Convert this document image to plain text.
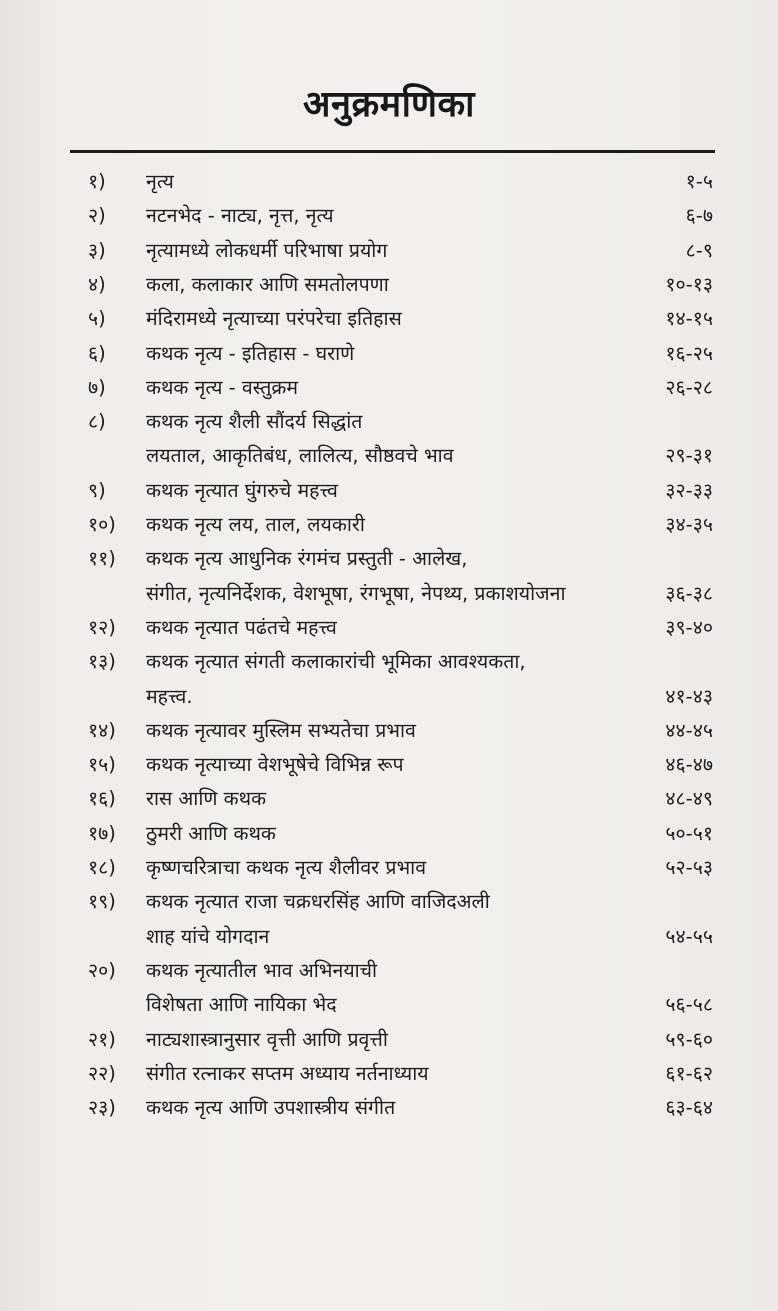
अनुक्रमणिका
१) नृत्य	१-५
२) नटनभेद - नाट्य, नृत्त, नृत्य	६-७
३) नृत्यामध्ये लोकधर्मी परिभाषा प्रयोग	८-९
४) कला, कलाकार आणि समतोलपणा	१०-१३
५) मंदिरामध्ये नृत्याच्या परंपरेचा इतिहास	१४-१५
६) कथक नृत्य - इतिहास - घराणे	१६-२५
७) कथक नृत्य - वस्तुक्रम	२६-२८
८) कथक नृत्य शैली सौंदर्य सिद्धांत
लयताल, आकृतिबंध, लालित्य, सौष्ठवचे भाव	२९-३१
९) कथक नृत्यात घुंगरुचे महत्त्व	३२-३३
१०) कथक नृत्य लय, ताल, लयकारी	३४-३५
११) कथक नृत्य आधुनिक रंगमंच प्रस्तुती - आलेख,
संगीत, नृत्यनिर्देशक, वेशभूषा, रंगभूषा, नेपथ्य, प्रकाशयोजना	३६-३८
१२) कथक नृत्यात पढंतचे महत्त्व	३९-४०
१३) कथक नृत्यात संगती कलाकारांची भूमिका आवश्यकता,
महत्त्व.	४१-४३
१४) कथक नृत्यावर मुस्लिम सभ्यतेचा प्रभाव	४४-४५
१५) कथक नृत्याच्या वेशभूषेचे विभिन्न रूप	४६-४७
१६) रास आणि कथक	४८-४९
१७) ठुमरी आणि कथक	५०-५१
१८) कृष्णचरित्राचा कथक नृत्य शैलीवर प्रभाव	५२-५३
१९) कथक नृत्यात राजा चक्रधरसिंह आणि वाजिदअली
शाह यांचे योगदान	५४-५५
२०) कथक नृत्यातील भाव अभिनयाची
विशेषता आणि नायिका भेद	५६-५८
२१) नाट्यशास्त्रानुसार वृत्ती आणि प्रवृत्ती	५९-६०
२२) संगीत रत्नाकर सप्तम अध्याय नर्तनाध्याय	६१-६२
२३) कथक नृत्य आणि उपशास्त्रीय संगीत	६३-६४
